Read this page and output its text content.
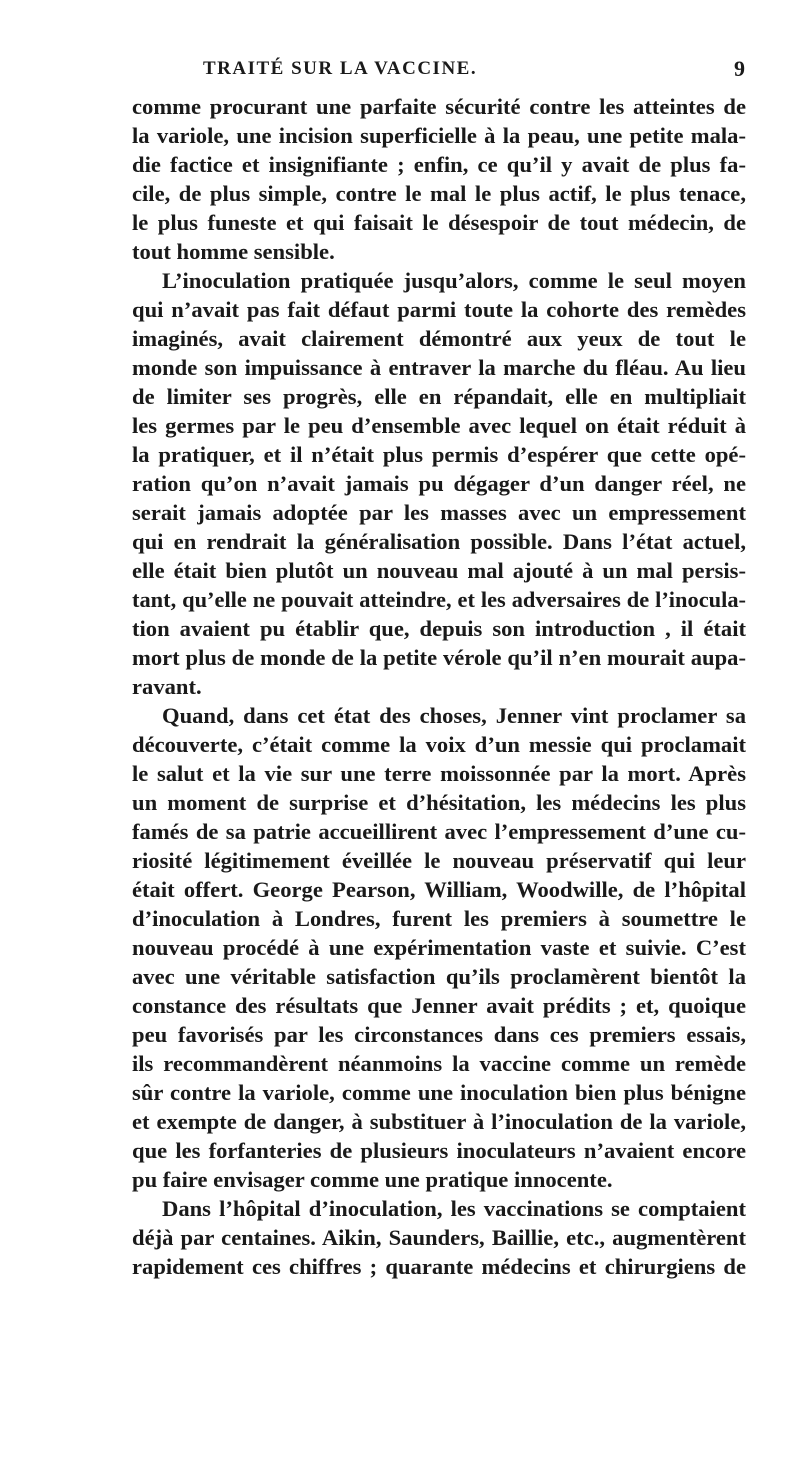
TRAITÉ SUR LA VACCINE.	9
comme procurant une parfaite sécurité contre les atteintes de
la variole, une incision superficielle à la peau, une petite mala-
die factice et insignifiante ; enfin, ce qu’il y avait de plus fa-
cile, de plus simple, contre le mal le plus actif, le plus tenace,
le plus funeste et qui faisait le désespoir de tout médecin, de
tout homme sensible.
L’inoculation pratiquée jusqu’alors, comme le seul moyen
qui n’avait pas fait défaut parmi toute la cohorte des remèdes
imaginés, avait clairement démontré aux yeux de tout le
monde son impuissance à entraver la marche du fléau. Au lieu
de limiter ses progrès, elle en répandait, elle en multipliait
les germes par le peu d’ensemble avec lequel on était réduit à
la pratiquer, et il n’était plus permis d’espérer que cette opé-
ration qu’on n’avait jamais pu dégager d’un danger réel, ne
serait jamais adoptée par les masses avec un empressement
qui en rendrait la généralisation possible. Dans l’état actuel,
elle était bien plutôt un nouveau mal ajouté à un mal persis-
tant, qu’elle ne pouvait atteindre, et les adversaires de l’inocula-
tion avaient pu établir que, depuis son introduction , il était
mort plus de monde de la petite vérole qu’il n’en mourait aupa-
ravant.
Quand, dans cet état des choses, Jenner vint proclamer sa
découverte, c’était comme la voix d’un messie qui proclamait
le salut et la vie sur une terre moissonnée par la mort. Après
un moment de surprise et d’hésitation, les médecins les plus
famés de sa patrie accueillirent avec l’empressement d’une cu-
riosité légitimement éveillée le nouveau préservatif qui leur
était offert. George Pearson, William, Woodwille, de l’hôpital
d’inoculation à Londres, furent les premiers à soumettre le
nouveau procédé à une expérimentation vaste et suivie. C’est
avec une véritable satisfaction qu’ils proclamèrent bientôt la
constance des résultats que Jenner avait prédits ; et, quoique
peu favorisés par les circonstances dans ces premiers essais,
ils recommandèrent néanmoins la vaccine comme un remède
sûr contre la variole, comme une inoculation bien plus bénigne
et exempte de danger, à substituer à l’inoculation de la variole,
que les forfanteries de plusieurs inoculateurs n’avaient encore
pu faire envisager comme une pratique innocente.
Dans l’hôpital d’inoculation, les vaccinations se comptaient
déjà par centaines. Aikin, Saunders, Baillie, etc., augmentèrent
rapidement ces chiffres ; quarante médecins et chirurgiens de
